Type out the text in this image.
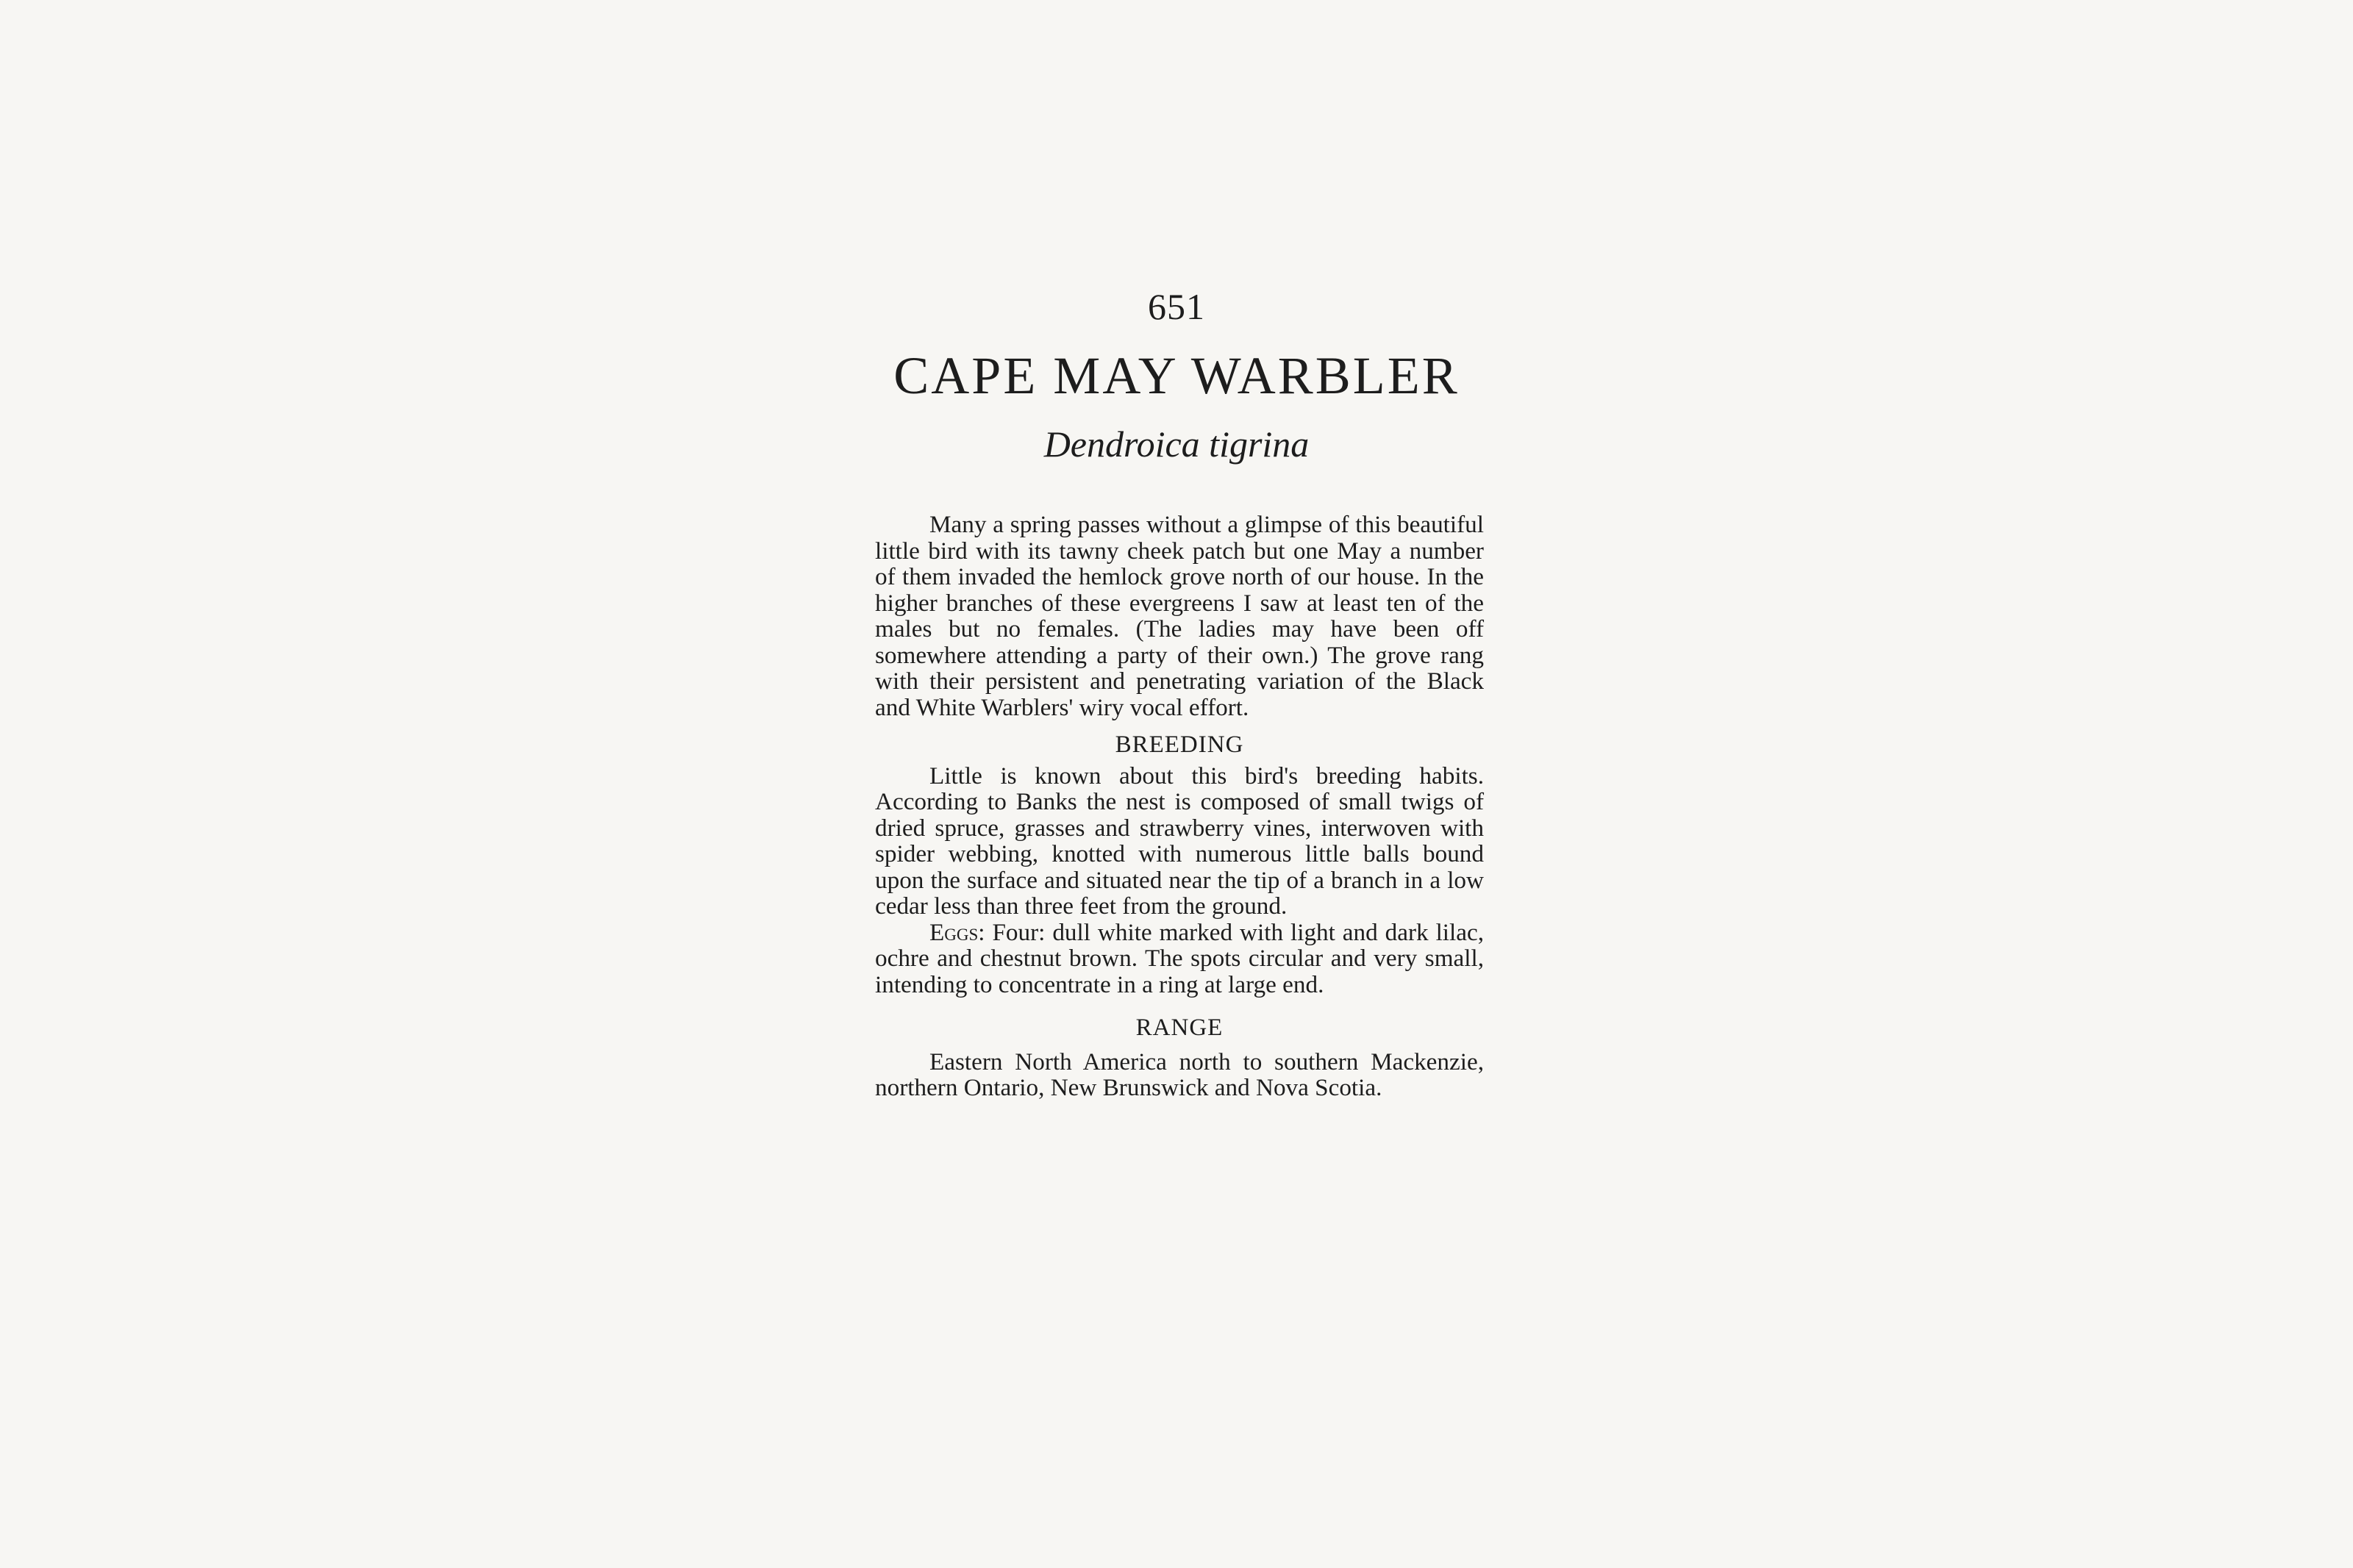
651
CAPE MAY WARBLER
Dendroica tigrina

Many a spring passes without a glimpse of this beautiful little bird with its tawny cheek patch but one May a number of them invaded the hemlock grove north of our house. In the higher branches of these evergreens I saw at least ten of the males but no females. (The ladies may have been off somewhere attending a party of their own.) The grove rang with their persistent and penetrating variation of the Black and White Warblers' wiry vocal effort.

BREEDING

Little is known about this bird's breeding habits. According to Banks the nest is composed of small twigs of dried spruce, grasses and strawberry vines, interwoven with spider webbing, knotted with numerous little balls bound upon the surface and situated near the tip of a branch in a low cedar less than three feet from the ground.

Eggs: Four: dull white marked with light and dark lilac, ochre and chestnut brown. The spots circular and very small, intending to concentrate in a ring at large end.

RANGE

Eastern North America north to southern Mackenzie, northern Ontario, New Brunswick and Nova Scotia.
